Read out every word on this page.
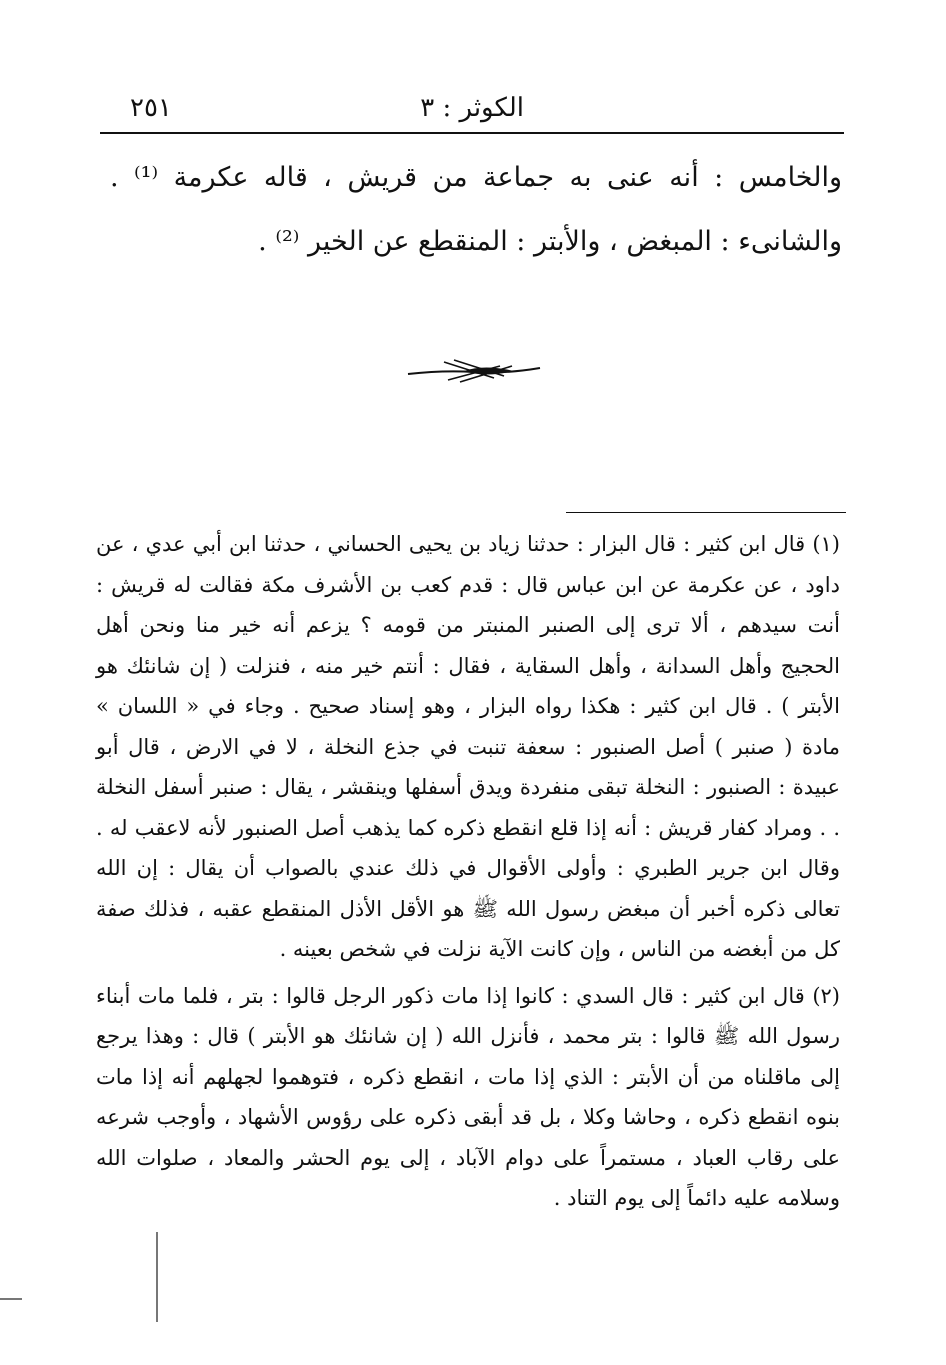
الكوثر : ٣
٢٥١

والخامس : أنه عنى به جماعة من قريش ، قاله عكرمة ⁽¹⁾ . والشانىء : المبغض ، والأبتر : المنقطع عن الخير ⁽²⁾ .

(١) قال ابن كثير : قال البزار : حدثنا زياد بن يحيى الحساني ، حدثنا ابن أبي عدي ، عن داود ، عن عكرمة عن ابن عباس قال : قدم كعب بن الأشرف مكة فقالت له قريش : أنت سيدهم ، ألا ترى إلى الصنبر المنبتر من قومه ؟ يزعم أنه خير منا ونحن أهل الحجيج وأهل السدانة ، وأهل السقاية ، فقال : أنتم خير منه ، فنزلت ( إن شانئك هو الأبتر ) . قال ابن كثير : هكذا رواه البزار ، وهو إسناد صحيح . وجاء في « اللسان » مادة ( صنبر ) أصل الصنبور : سعفة تنبت في جذع النخلة ، لا في الارض ، قال أبو عبيدة : الصنبور : النخلة تبقى منفردة ويدق أسفلها وينقشر ، يقال : صنبر أسفل النخلة . . ومراد كفار قريش : أنه إذا قلع انقطع ذكره كما يذهب أصل الصنبور لأنه لاعقب له . وقال ابن جرير الطبري : وأولى الأقوال في ذلك عندي بالصواب أن يقال : إن الله تعالى ذكره أخبر أن مبغض رسول الله ﷺ هو الأقل الأذل المنقطع عقبه ، فذلك صفة كل من أبغضه من الناس ، وإن كانت الآية نزلت في شخص بعينه .

(٢) قال ابن كثير : قال السدي : كانوا إذا مات ذكور الرجل قالوا : بتر ، فلما مات أبناء رسول الله ﷺ قالوا : بتر محمد ، فأنزل الله ( إن شانئك هو الأبتر ) قال : وهذا يرجع إلى ماقلناه من أن الأبتر : الذي إذا مات ، انقطع ذكره ، فتوهموا لجهلهم أنه إذا مات بنوه انقطع ذكره ، وحاشا وكلا ، بل قد أبقى ذكره على رؤوس الأشهاد ، وأوجب شرعه على رقاب العباد ، مستمراً على دوام الآباد ، إلى يوم الحشر والمعاد ، صلوات الله وسلامه عليه دائماً إلى يوم التناد .
